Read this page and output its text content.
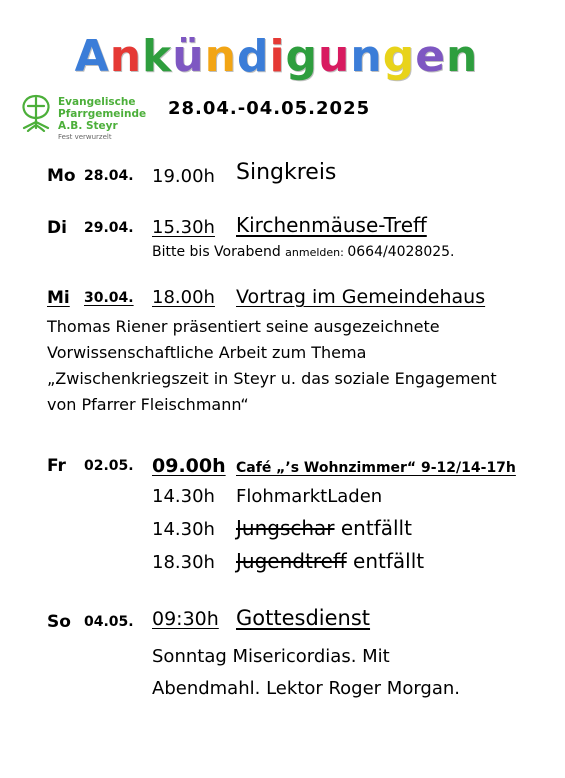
Ankündigungen
Evangelische
Pfarrgemeinde
A.B. Steyr
Fest verwurzelt
28.04.-04.05.2025
Mo 28.04. 19.00h Singkreis
Di 29.04. 15.30h Kirchenmäuse-Treff
Bitte bis Vorabend anmelden: 0664/4028025.
Mi 30.04. 18.00h Vortrag im Gemeindehaus
Thomas Riener präsentiert seine ausgezeichnete
Vorwissenschaftliche Arbeit zum Thema
„Zwischenkriegszeit in Steyr u. das soziale Engagement
von Pfarrer Fleischmann“
Fr 02.05. 09.00h Café „’s Wohnzimmer“ 9-12/14-17h
14.30h FlohmarktLaden
14.30h Jungschar entfällt
18.30h Jugendtreff entfällt
So 04.05. 09:30h Gottesdienst
Sonntag Misericordias. Mit
Abendmahl. Lektor Roger Morgan.
